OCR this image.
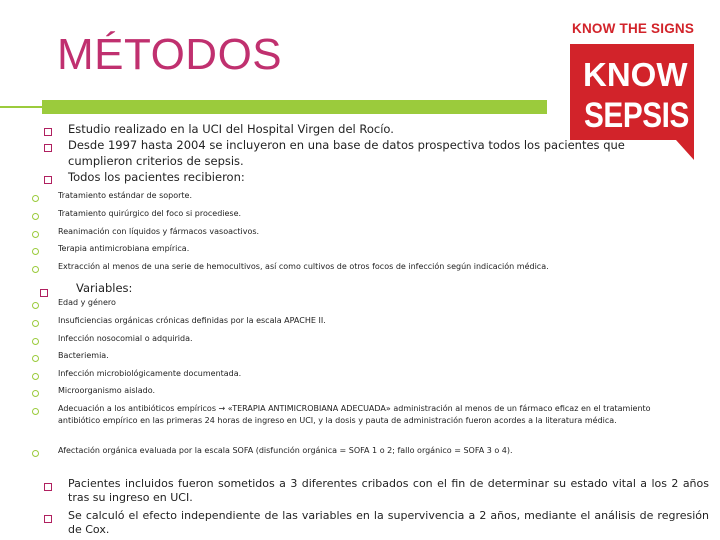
MÉTODOS
KNOW THE SIGNS
KNOW
SEPSIS
Estudio realizado en la UCI del Hospital Virgen del Rocío.
Desde 1997 hasta 2004 se incluyeron en una base de datos prospectiva todos los pacientes que cumplieron criterios de sepsis.
Todos los pacientes recibieron:
Tratamiento estándar de soporte.
Tratamiento quirúrgico del foco si procediese.
Reanimación con líquidos y fármacos vasoactivos.
Terapia antimicrobiana empírica.
Extracción al menos de una serie de hemocultivos, así como cultivos de otros focos de infección según indicación médica.
Variables:
Edad y género
Insuficiencias orgánicas crónicas definidas por la escala APACHE II.
Infección nosocomial o adquirida.
Bacteriemia.
Infección microbiológicamente documentada.
Microorganismo aislado.
Adecuación a los antibióticos empíricos → «TERAPIA ANTIMICROBIANA ADECUADA» administración al menos de un fármaco eficaz en el tratamiento antibiótico empírico en las primeras 24 horas de ingreso en UCI, y la dosis y pauta de administración fueron acordes a la literatura médica.
Afectación orgánica evaluada por la escala SOFA (disfunción orgánica = SOFA 1 o 2; fallo orgánico = SOFA 3 o 4).
Pacientes incluidos fueron sometidos a 3 diferentes cribados con el fin de determinar su estado vital a los 2 años tras su ingreso en UCI.
Se calculó el efecto independiente de las variables en la supervivencia a 2 años, mediante el análisis de regresión de Cox.
